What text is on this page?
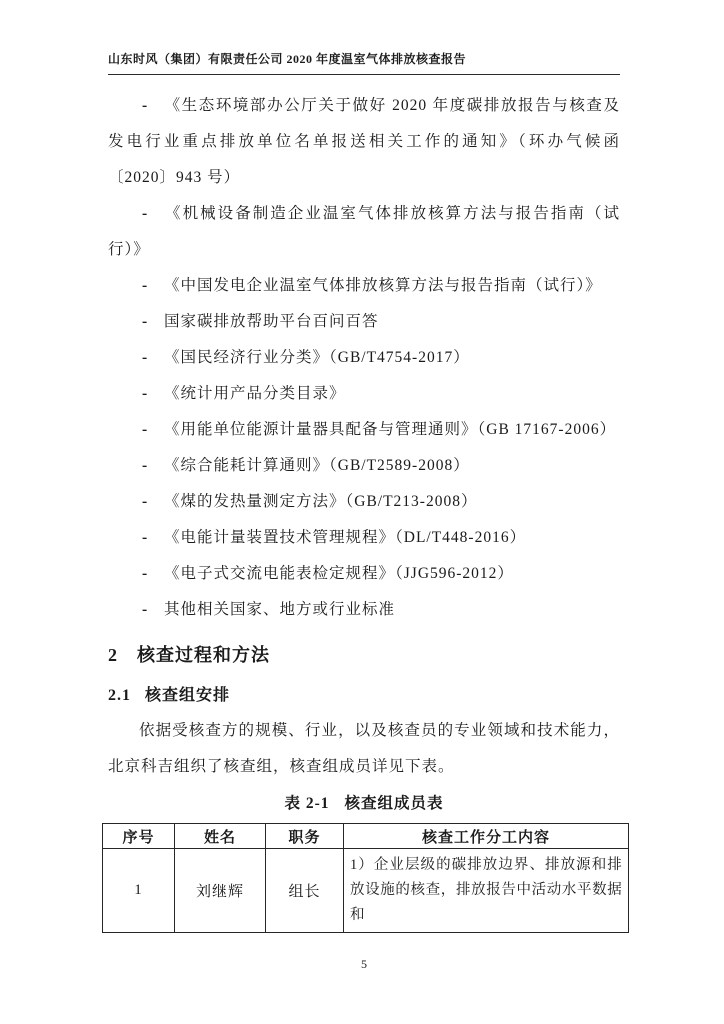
山东时风（集团）有限责任公司 2020 年度温室气体排放核查报告

- 《生态环境部办公厅关于做好 2020 年度碳排放报告与核查及发电行业重点排放单位名单报送相关工作的通知》（环办气候函〔2020〕943 号）

- 《机械设备制造企业温室气体排放核算方法与报告指南（试行）》

- 《中国发电企业温室气体排放核算方法与报告指南（试行）》

- 国家碳排放帮助平台百问百答

- 《国民经济行业分类》（GB/T4754-2017）

- 《统计用产品分类目录》

- 《用能单位能源计量器具配备与管理通则》（GB 17167-2006）

- 《综合能耗计算通则》（GB/T2589-2008）

- 《煤的发热量测定方法》（GB/T213-2008）

- 《电能计量装置技术管理规程》（DL/T448-2016）

- 《电子式交流电能表检定规程》（JJG596-2012）

- 其他相关国家、地方或行业标准

2 核查过程和方法
2.1 核查组安排

依据受核查方的规模、行业，以及核查员的专业领域和技术能力，北京科吉组织了核查组，核查组成员详见下表。

表 2-1 核查组成员表
序号	姓名	职务	核查工作分工内容
1	刘继辉	组长	1）企业层级的碳排放边界、排放源和排放设施的核查，排放报告中活动水平数据和
5
